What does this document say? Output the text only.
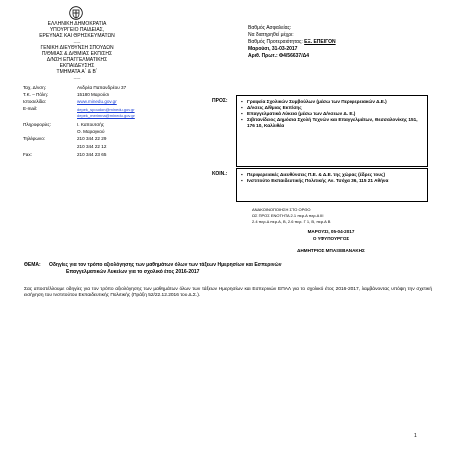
ΕΛΛΗΝΙΚΗ ΔΗΜΟΚΡΑΤΙΑ
ΥΠΟΥΡΓΕΙΟ ΠΑΙΔΕΙΑΣ,
ΕΡΕΥΝΑΣ ΚΑΙ ΘΡΗΣΚΕΥΜΑΤΩΝ
-----
ΓΕΝΙΚΗ ΔΙΕΥΘΥΝΣΗ ΣΠΟΥΔΩΝ
Π/ΘΜΙΑΣ & Δ/ΘΜΙΑΣ ΕΚΠ/ΣΗΣ
Δ/ΝΣΗ ΕΠΑΓΓΕΛΜΑΤΙΚΗΣ
ΕΚΠΑΙΔΕΥΣΗΣ
ΤΜΗΜΑΤΑ Α΄ & Β΄
-----
Βαθμός Ασφαλείας:
Να διατηρηθεί μέχρι:
Βαθμός Προτεραιότητας: ΕΞ. ΕΠΕΙΓΟΝ
Μαρούσι, 31-03-2017
Αριθ. Πρωτ.: Φ4/56637/Δ4
Ταχ. Δ/νση:	Ανδρέα Παπανδρέου 37
Τ.Κ. – Πόλη:	15180 Μαρούσι
Ιστοσελίδα:	www.minedu.gov.gr
E-mail:	depek_spoudon@minedu.gov.gr
depek_merimna@minedu.gov.gr
Πληροφορίες:	Ι. Καπουτσής
Ο. Μαραγκού
Τηλέφωνο:	210 344 22 29
210 344 22 12
Fax:	210 344 23 65
ΠΡΟΣ:	▪ Γραφεία Σχολικών Συμβούλων (μέσω των Περιφερειακών Δ.Ε.)
▪ Δ/νσεις Δ/θμιας Εκπ/σης
▪ Επαγγελματικά Λύκεια (μέσω των Δ/νσεων Δ. Ε.)
▪ Σιβιτανίδειος Δημόσια Σχολή Τεχνών και Επαγγελμάτων, Θεσσαλονίκης 151, 176 10, Καλλιθέα
ΚΟΙΝ.:	▪ Περιφερειακές Διευθύνσεις Π.Ε. & Δ.Ε. της χώρας (έδρες τους)
▪ Ινστιτούτο Εκπαιδευτικής Πολιτικής Αν. Τσόχα 36, 115 21 Αθήνα
ΑΝΑΚΟΙΝΟΠΟΙΗΣΗ ΣΤΟ ΟΡΘΟ
ΩΣ ΠΡΟΣ ΕΝΟΤΗΤΑ 2.1 περ.Α περ.Α ΙΙΙ
2.4 περ.Δ περ.Α, Β, 2.6 περ. Γ 1, Β, περ.Α Β
ΜΑΡΟΥΣΙ, 05-04-2017
Ο ΥΦΥΠΟΥΡΓΟΣ
ΔΗΜΗΤΡΙΟΣ ΜΠΑΞΕΒΑΝΑΚΗΣ
ΘΕΜΑ: Οδηγίες για τον τρόπο αξιολόγησης των μαθημάτων όλων των τάξεων Ημερησίων και Εσπερινών
Επαγγελματικών Λυκείων για το σχολικό έτος 2016-2017
Σας αποστέλλουμε οδηγίες για τον τρόπο αξιολόγησης των μαθημάτων όλων των τάξεων Ημερησίων και Εσπερινών ΕΠΑΛ για το σχολικό έτος 2016-2017, λαμβάνοντας υπόψη την σχετική εισήγηση του Ινστιτούτου Εκπαιδευτικής Πολιτικής (Πράξη 52/22.12.2016 του Δ.Σ.).
1
